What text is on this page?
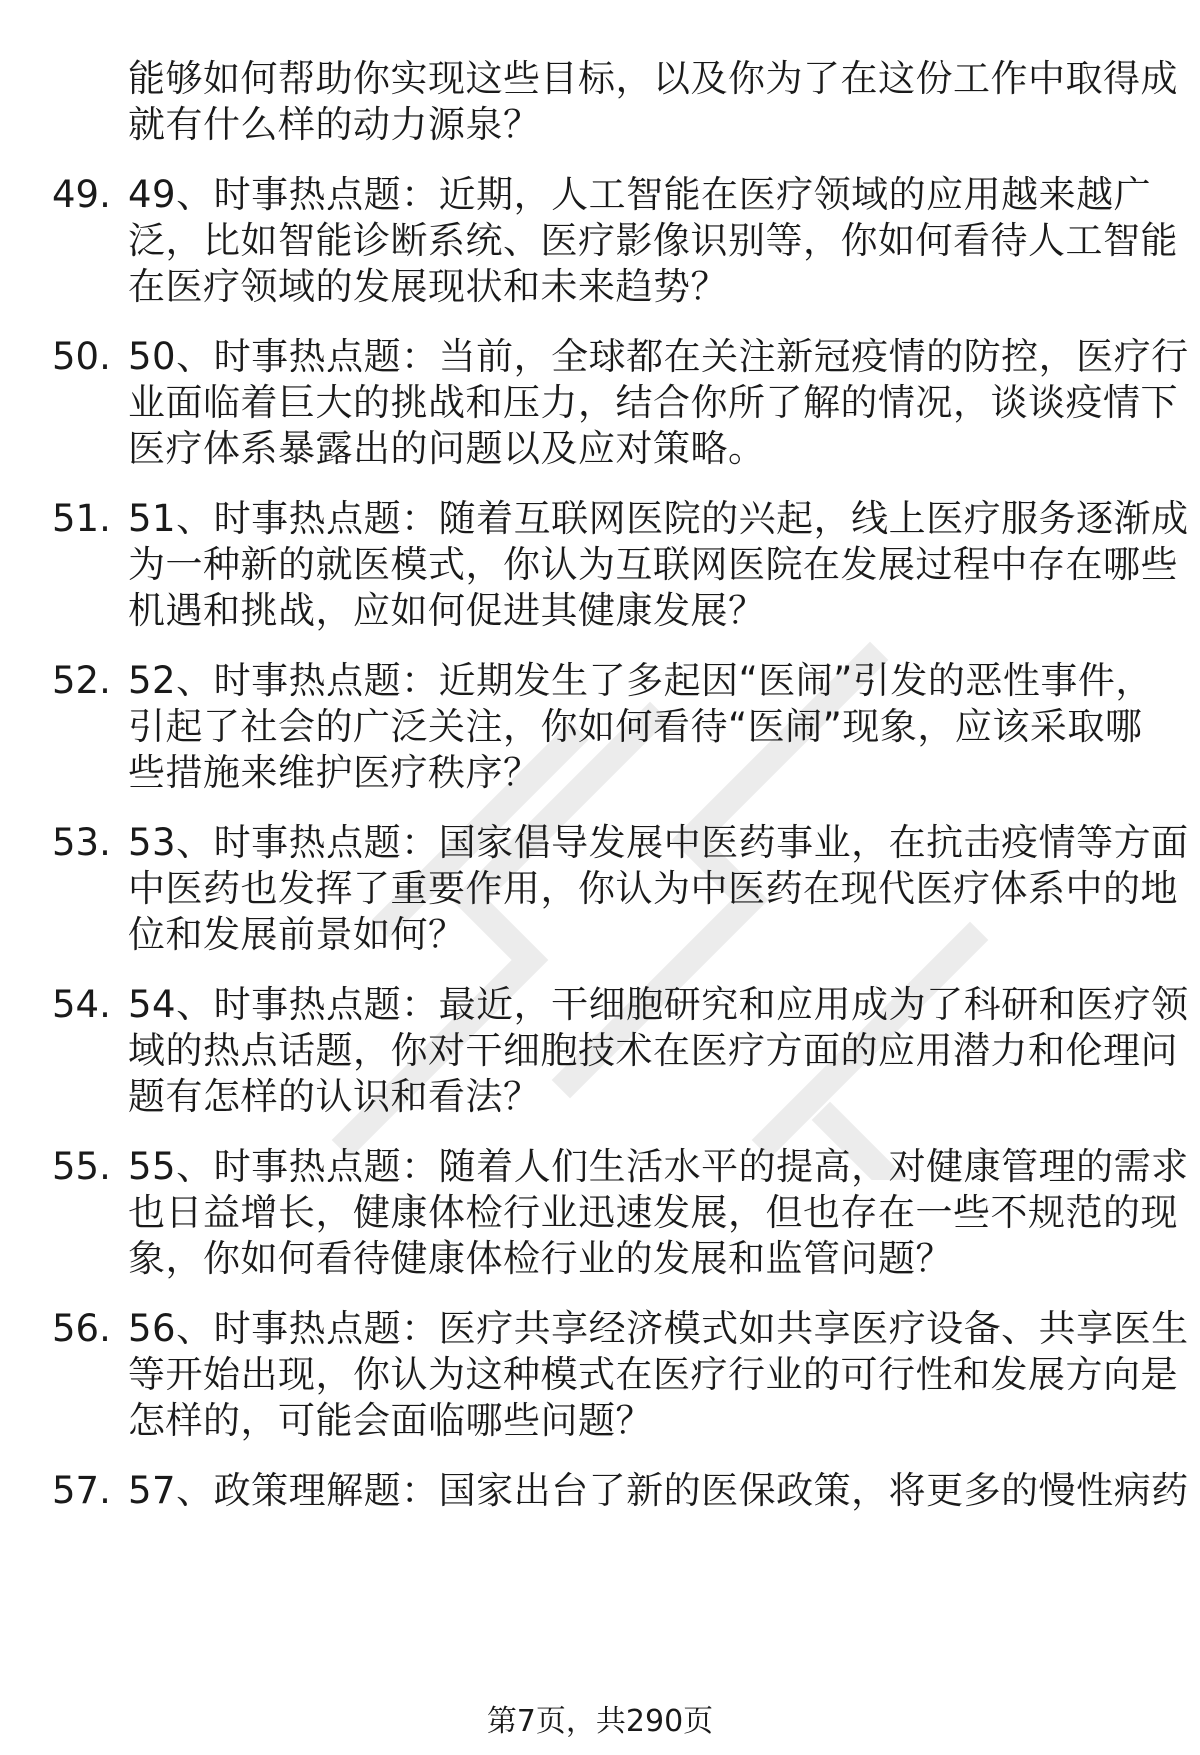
能够如何帮助你实现这些目标，以及你为了在这份工作中取得成
就有什么样的动力源泉？
49. 49、时事热点题：近期，人工智能在医疗领域的应用越来越广
泛，比如智能诊断系统、医疗影像识别等，你如何看待人工智能
在医疗领域的发展现状和未来趋势？
50. 50、时事热点题：当前，全球都在关注新冠疫情的防控，医疗行
业面临着巨大的挑战和压力，结合你所了解的情况，谈谈疫情下
医疗体系暴露出的问题以及应对策略。
51. 51、时事热点题：随着互联网医院的兴起，线上医疗服务逐渐成
为一种新的就医模式，你认为互联网医院在发展过程中存在哪些
机遇和挑战，应如何促进其健康发展？
52. 52、时事热点题：近期发生了多起因“医闹”引发的恶性事件，
引起了社会的广泛关注，你如何看待“医闹”现象，应该采取哪
些措施来维护医疗秩序？
53. 53、时事热点题：国家倡导发展中医药事业，在抗击疫情等方面
中医药也发挥了重要作用，你认为中医药在现代医疗体系中的地
位和发展前景如何？
54. 54、时事热点题：最近，干细胞研究和应用成为了科研和医疗领
域的热点话题，你对干细胞技术在医疗方面的应用潜力和伦理问
题有怎样的认识和看法？
55. 55、时事热点题：随着人们生活水平的提高，对健康管理的需求
也日益增长，健康体检行业迅速发展，但也存在一些不规范的现
象，你如何看待健康体检行业的发展和监管问题？
56. 56、时事热点题：医疗共享经济模式如共享医疗设备、共享医生
等开始出现，你认为这种模式在医疗行业的可行性和发展方向是
怎样的，可能会面临哪些问题？
57. 57、政策理解题：国家出台了新的医保政策，将更多的慢性病药
第7页，共290页
